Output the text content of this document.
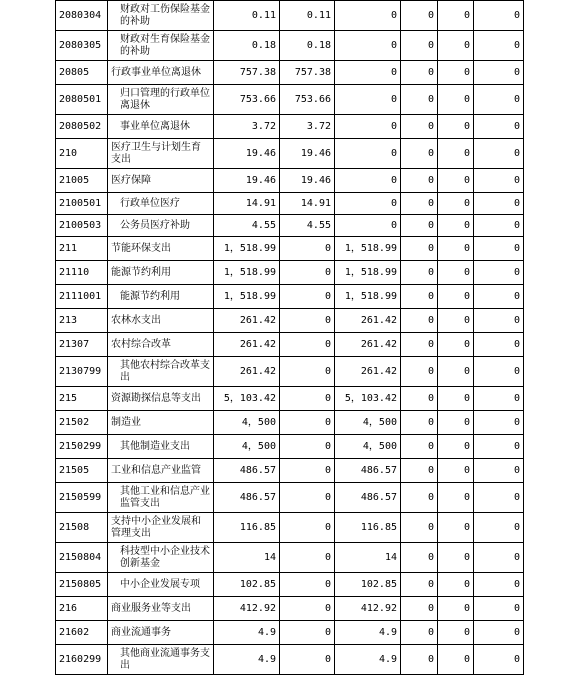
2080304	财政对工伤保险基金的补助	0.11	0.11	0	0	0	0
2080305	财政对生育保险基金的补助	0.18	0.18	0	0	0	0
20805	行政事业单位离退休	757.38	757.38	0	0	0	0
2080501	归口管理的行政单位离退休	753.66	753.66	0	0	0	0
2080502	事业单位离退休	3.72	3.72	0	0	0	0
210	医疗卫生与计划生育支出	19.46	19.46	0	0	0	0
21005	医疗保障	19.46	19.46	0	0	0	0
2100501	行政单位医疗	14.91	14.91	0	0	0	0
2100503	公务员医疗补助	4.55	4.55	0	0	0	0
211	节能环保支出	1，518.99	0	1，518.99	0	0	0
21110	能源节约利用	1，518.99	0	1，518.99	0	0	0
2111001	能源节约利用	1，518.99	0	1，518.99	0	0	0
213	农林水支出	261.42	0	261.42	0	0	0
21307	农村综合改革	261.42	0	261.42	0	0	0
2130799	其他农村综合改革支出	261.42	0	261.42	0	0	0
215	资源勘探信息等支出	5，103.42	0	5，103.42	0	0	0
21502	制造业	4，500	0	4，500	0	0	0
2150299	其他制造业支出	4，500	0	4，500	0	0	0
21505	工业和信息产业监管	486.57	0	486.57	0	0	0
2150599	其他工业和信息产业监管支出	486.57	0	486.57	0	0	0
21508	支持中小企业发展和管理支出	116.85	0	116.85	0	0	0
2150804	科技型中小企业技术创新基金	14	0	14	0	0	0
2150805	中小企业发展专项	102.85	0	102.85	0	0	0
216	商业服务业等支出	412.92	0	412.92	0	0	0
21602	商业流通事务	4.9	0	4.9	0	0	0
2160299	其他商业流通事务支出	4.9	0	4.9	0	0	0
